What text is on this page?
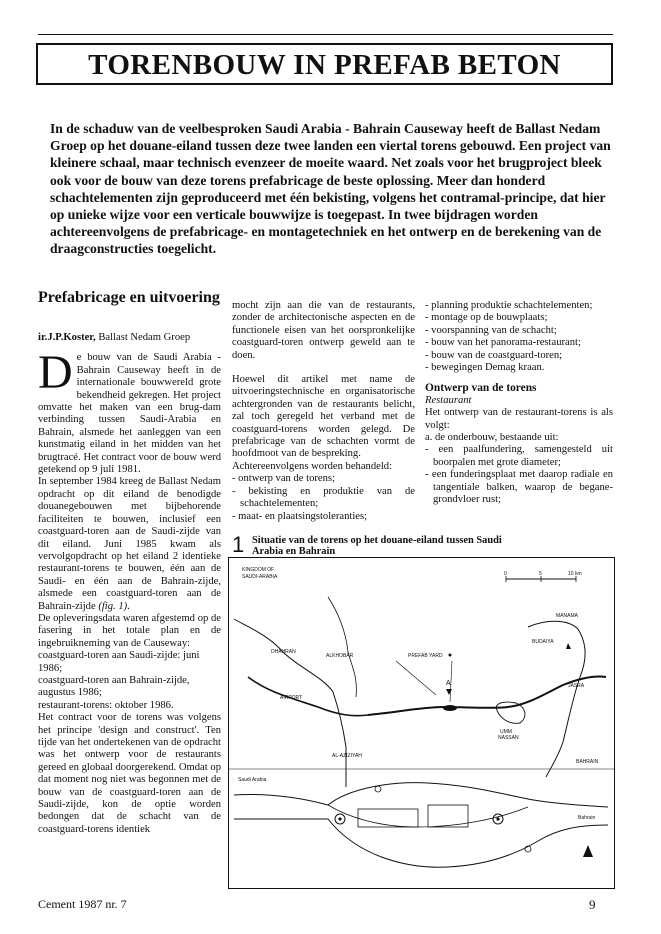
TORENBOUW IN PREFAB BETON

In de schaduw van de veelbesproken Saudi Arabia - Bahrain Causeway heeft de Ballast Nedam Groep op het douane-eiland tussen deze twee landen een viertal torens gebouwd. Een project van kleinere schaal, maar technisch evenzeer de moeite waard. Net zoals voor het brugproject bleek ook voor de bouw van deze torens prefabricage de beste oplossing. Meer dan honderd schachtelementen zijn geproduceerd met één bekisting, volgens het contramal-principe, dat hier op unieke wijze voor een verticale bouwwijze is toegepast. In twee bijdragen worden achtereenvolgens de prefabricage- en montagetechniek en het ontwerp en de berekening van de draagconstructies toegelicht.

Prefabricage en uitvoering

ir.J.P.Koster, Ballast Nedam Groep

De bouw van de Saudi Arabia - Bahrain Causeway heeft in de internationale bouwwereld grote bekendheid gekregen. Het project omvatte het maken van een brug-dam verbinding tussen Saudi-Arabia en Bahrain, alsmede het aanleggen van een kunstmatig eiland in het midden van het brugtracé. Het contract voor de bouw werd getekend op 9 juli 1981.

In september 1984 kreeg de Ballast Nedam opdracht op dit eiland de benodigde douanegebouwen met bijbehorende faciliteiten te bouwen, inclusief een coastguard-toren aan de Saudi-zijde van dit eiland. Juni 1985 kwam als vervolgopdracht op het eiland 2 identieke restaurant-torens te bouwen, één aan de Saudi- en één aan de Bahrain-zijde, alsmede een coastguard-toren aan de Bahrain-zijde (fig. 1).

De opleveringsdata waren afgestemd op de fasering in het totale plan en de ingebruikneming van de Causeway:

coastguard-toren aan Saudi-zijde: juni 1986;

coastguard-toren aan Bahrain-zijde, augustus 1986;

restaurant-torens: oktober 1986.

Het contract voor de torens was volgens het principe 'design and construct'. Ten tijde van het ondertekenen van de opdracht was het ontwerp voor de restaurants gereed en globaal doorgerekend. Omdat op dat moment nog niet was begonnen met de bouw van de coastguard-toren aan de Saudi-zijde, kon de optie worden bedongen dat de schacht van de coastguard-torens identiek

mocht zijn aan die van de restaurants, zonder de architectonische aspecten en de functionele eisen van het oorspronkelijke coastguard-toren ontwerp geweld aan te doen.

Hoewel dit artikel met name de uitvoeringstechnische en organisatorische achtergronden van de restaurants belicht, zal toch geregeld het verband met de coastguard-torens worden gelegd. De prefabricage van de schachten vormt de hoofdmoot van de bespreking.

Achtereenvolgens worden behandeld:

- ontwerp van de torens;

- bekisting en produktie van de schachtelementen;

- maat- en plaatsingstoleranties;

- planning produktie schachtelementen;

- montage op de bouwplaats;

- voorspanning van de schacht;

- bouw van het panorama-restaurant;

- bouw van de coastguard-toren;

- bewegingen Demag kraan.

Ontwerp van de torens

Restaurant

Het ontwerp van de restaurant-torens is als volgt:

a. de onderbouw, bestaande uit:

- een paalfundering, samengesteld uit boorpalen met grote diameter;

- een funderingsplaat met daarop radiale en tangentiale balken, waarop de begane-grondvloer rust;

1 Situatie van de torens op het douane-eiland tussen Saudi Arabia en Bahrain
KINGDOM OF
SAUDI-ARABIA
DHAHRAN
ALKHOBAR
AIRPORT
AL-AZIZIYAH
PREFAB YARD
A
MANAMA
BUDAIYA
JASRA
UMM
NASSAN
BAHRAIN
0	5	10 km
Saudi Arabia
Bahrain
Cement 1987 nr. 7	9
